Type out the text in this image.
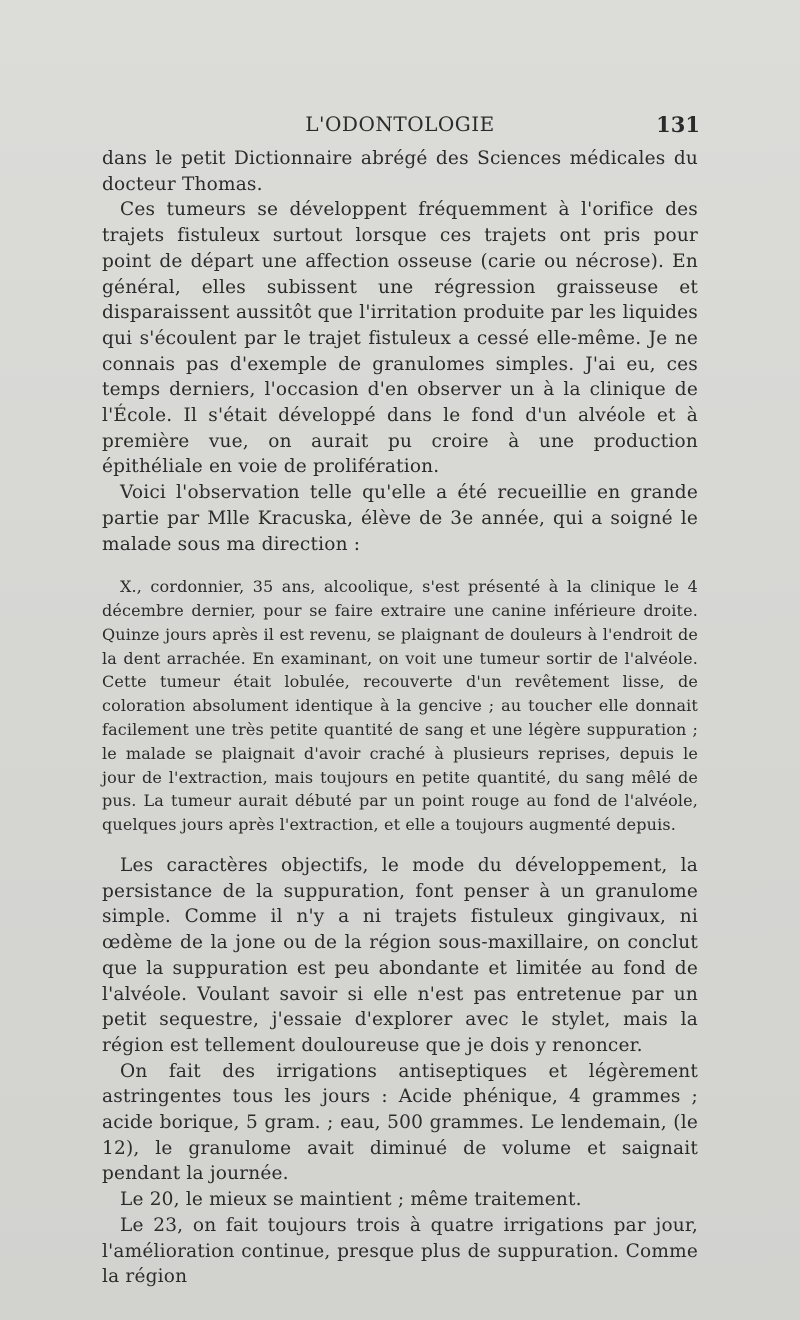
L'ODONTOLOGIE	131

dans le petit Dictionnaire abrégé des Sciences médicales du docteur Thomas.

Ces tumeurs se développent fréquemment à l'orifice des trajets fistuleux surtout lorsque ces trajets ont pris pour point de départ une affection osseuse (carie ou nécrose). En général, elles subissent une régression graisseuse et disparaissent aussitôt que l'irritation produite par les liquides qui s'écoulent par le trajet fistuleux a cessé elle-même. Je ne connais pas d'exemple de granulomes simples. J'ai eu, ces temps derniers, l'occasion d'en observer un à la clinique de l'École. Il s'était développé dans le fond d'un alvéole et à première vue, on aurait pu croire à une production épithéliale en voie de prolifération.

Voici l'observation telle qu'elle a été recueillie en grande partie par Mlle Kracuska, élève de 3e année, qui a soigné le malade sous ma direction :

X., cordonnier, 35 ans, alcoolique, s'est présenté à la clinique le 4 décembre dernier, pour se faire extraire une canine inférieure droite. Quinze jours après il est revenu, se plaignant de douleurs à l'endroit de la dent arrachée. En examinant, on voit une tumeur sortir de l'alvéole. Cette tumeur était lobulée, recouverte d'un revêtement lisse, de coloration absolument identique à la gencive ; au toucher elle donnait facilement une très petite quantité de sang et une légère suppuration ; le malade se plaignait d'avoir craché à plusieurs reprises, depuis le jour de l'extraction, mais toujours en petite quantité, du sang mêlé de pus. La tumeur aurait débuté par un point rouge au fond de l'alvéole, quelques jours après l'extraction, et elle a toujours augmenté depuis.

Les caractères objectifs, le mode du développement, la persistance de la suppuration, font penser à un granulome simple. Comme il n'y a ni trajets fistuleux gingivaux, ni œdème de la jone ou de la région sous-maxillaire, on conclut que la suppuration est peu abondante et limitée au fond de l'alvéole. Voulant savoir si elle n'est pas entretenue par un petit sequestre, j'essaie d'explorer avec le stylet, mais la région est tellement douloureuse que je dois y renoncer.

On fait des irrigations antiseptiques et légèrement astringentes tous les jours : Acide phénique, 4 grammes ; acide borique, 5 gram. ; eau, 500 grammes. Le lendemain, (le 12), le granulome avait diminué de volume et saignait pendant la journée.

Le 20, le mieux se maintient ; même traitement.

Le 23, on fait toujours trois à quatre irrigations par jour, l'amélioration continue, presque plus de suppuration. Comme la région
